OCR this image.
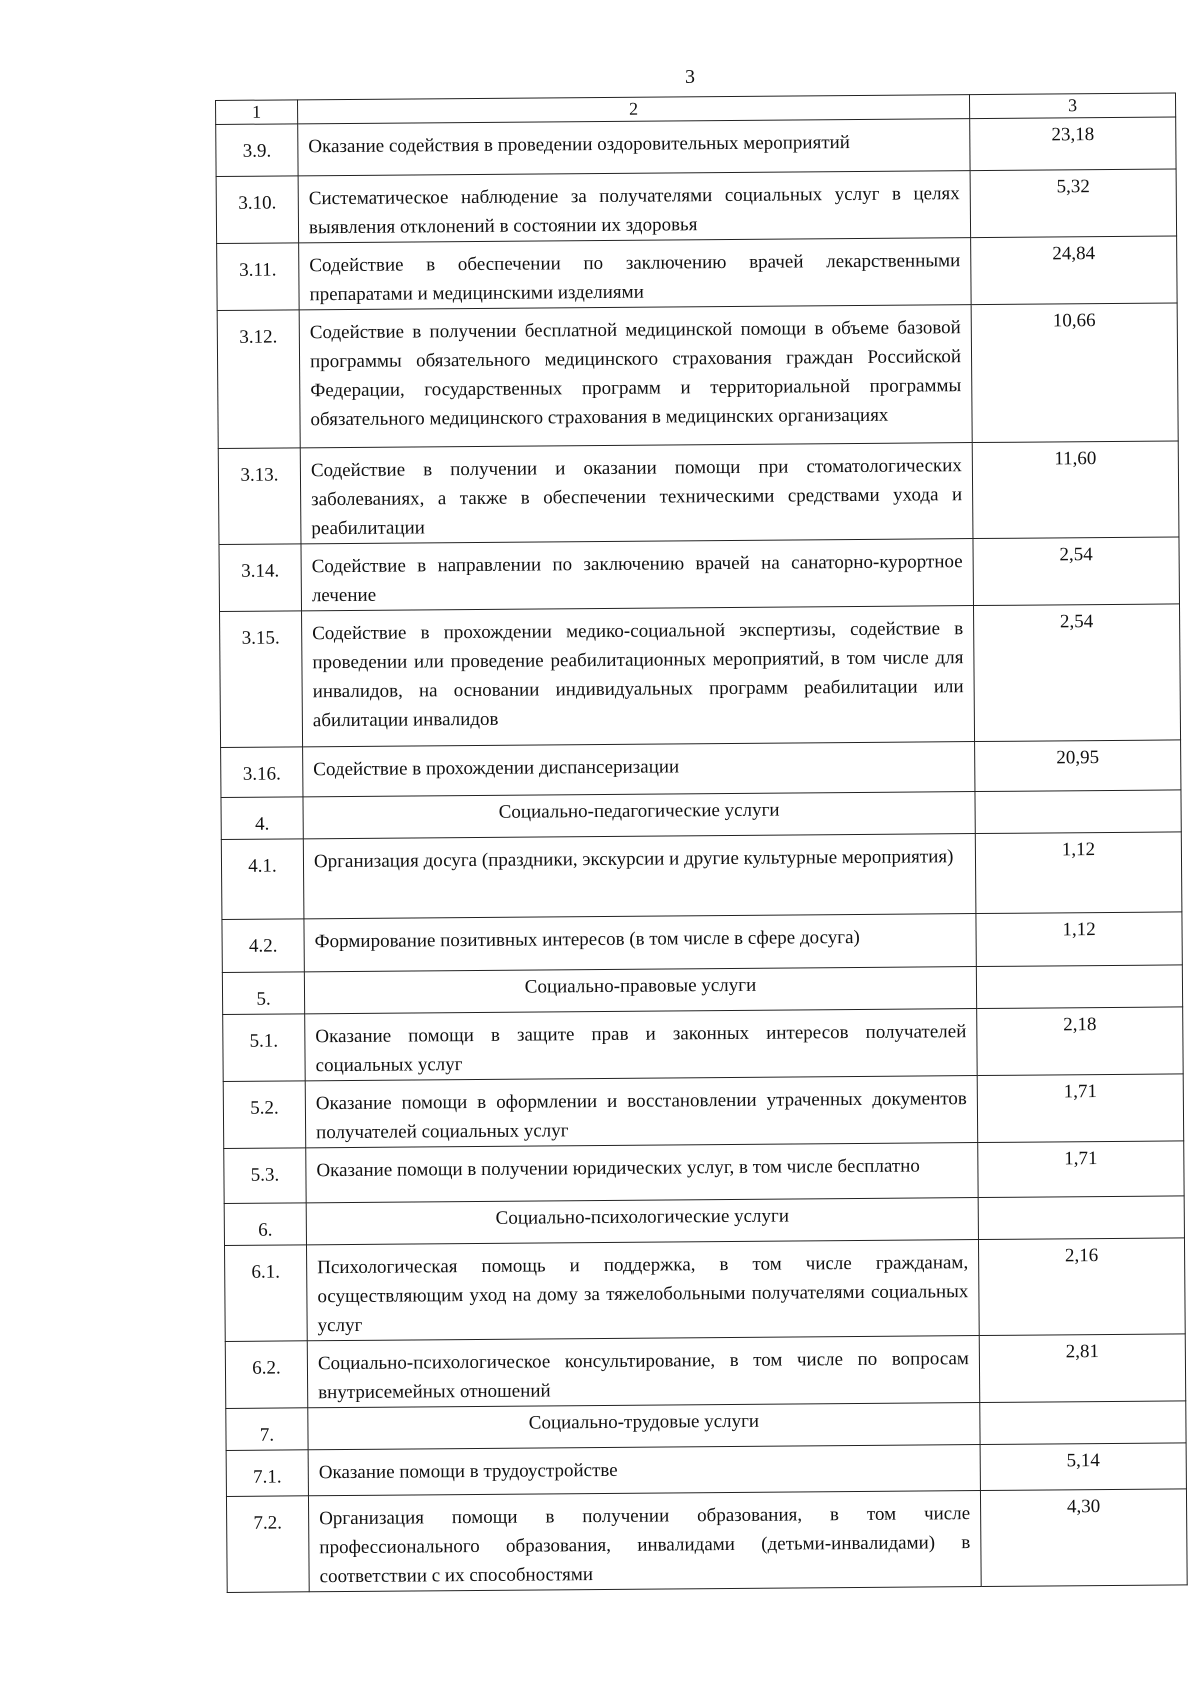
3
1	2	3
3.9.	Оказание содействия в проведении оздоровительных мероприятий	23,18
3.10.	Систематическое наблюдение за получателями социальных услуг в целях выявления отклонений в состоянии их здоровья	5,32
3.11.	Содействие в обеспечении по заключению врачей лекарственными препаратами и медицинскими изделиями	24,84
3.12.	Содействие в получении бесплатной медицинской помощи в объеме базовой программы обязательного медицинского страхования граждан Российской Федерации, государственных программ и территориальной программы обязательного медицинского страхования в медицинских организациях	10,66
3.13.	Содействие в получении и оказании помощи при стоматологических заболеваниях, а также в обеспечении техническими средствами ухода и реабилитации	11,60
3.14.	Содействие в направлении по заключению врачей на санаторно-курортное лечение	2,54
3.15.	Содействие в прохождении медико-социальной экспертизы, содействие в проведении или проведение реабилитационных мероприятий, в том числе для инвалидов, на основании индивидуальных программ реабилитации или абилитации инвалидов	2,54
3.16.	Содействие в прохождении диспансеризации	20,95
4.	Социально-педагогические услуги	
4.1.	Организация досуга (праздники, экскурсии и другие культурные мероприятия)	1,12
4.2.	Формирование позитивных интересов (в том числе в сфере досуга)	1,12
5.	Социально-правовые услуги	
5.1.	Оказание помощи в защите прав и законных интересов получателей социальных услуг	2,18
5.2.	Оказание помощи в оформлении и восстановлении утраченных документов получателей социальных услуг	1,71
5.3.	Оказание помощи в получении юридических услуг, в том числе бесплатно	1,71
6.	Социально-психологические услуги	
6.1.	Психологическая помощь и поддержка, в том числе гражданам, осуществляющим уход на дому за тяжелобольными получателями социальных услуг	2,16
6.2.	Социально-психологическое консультирование, в том числе по вопросам внутрисемейных отношений	2,81
7.	Социально-трудовые услуги	
7.1.	Оказание помощи в трудоустройстве	5,14
7.2.	Организация помощи в получении образования, в том числе профессионального образования, инвалидами (детьми-инвалидами) в соответствии с их способностями	4,30
